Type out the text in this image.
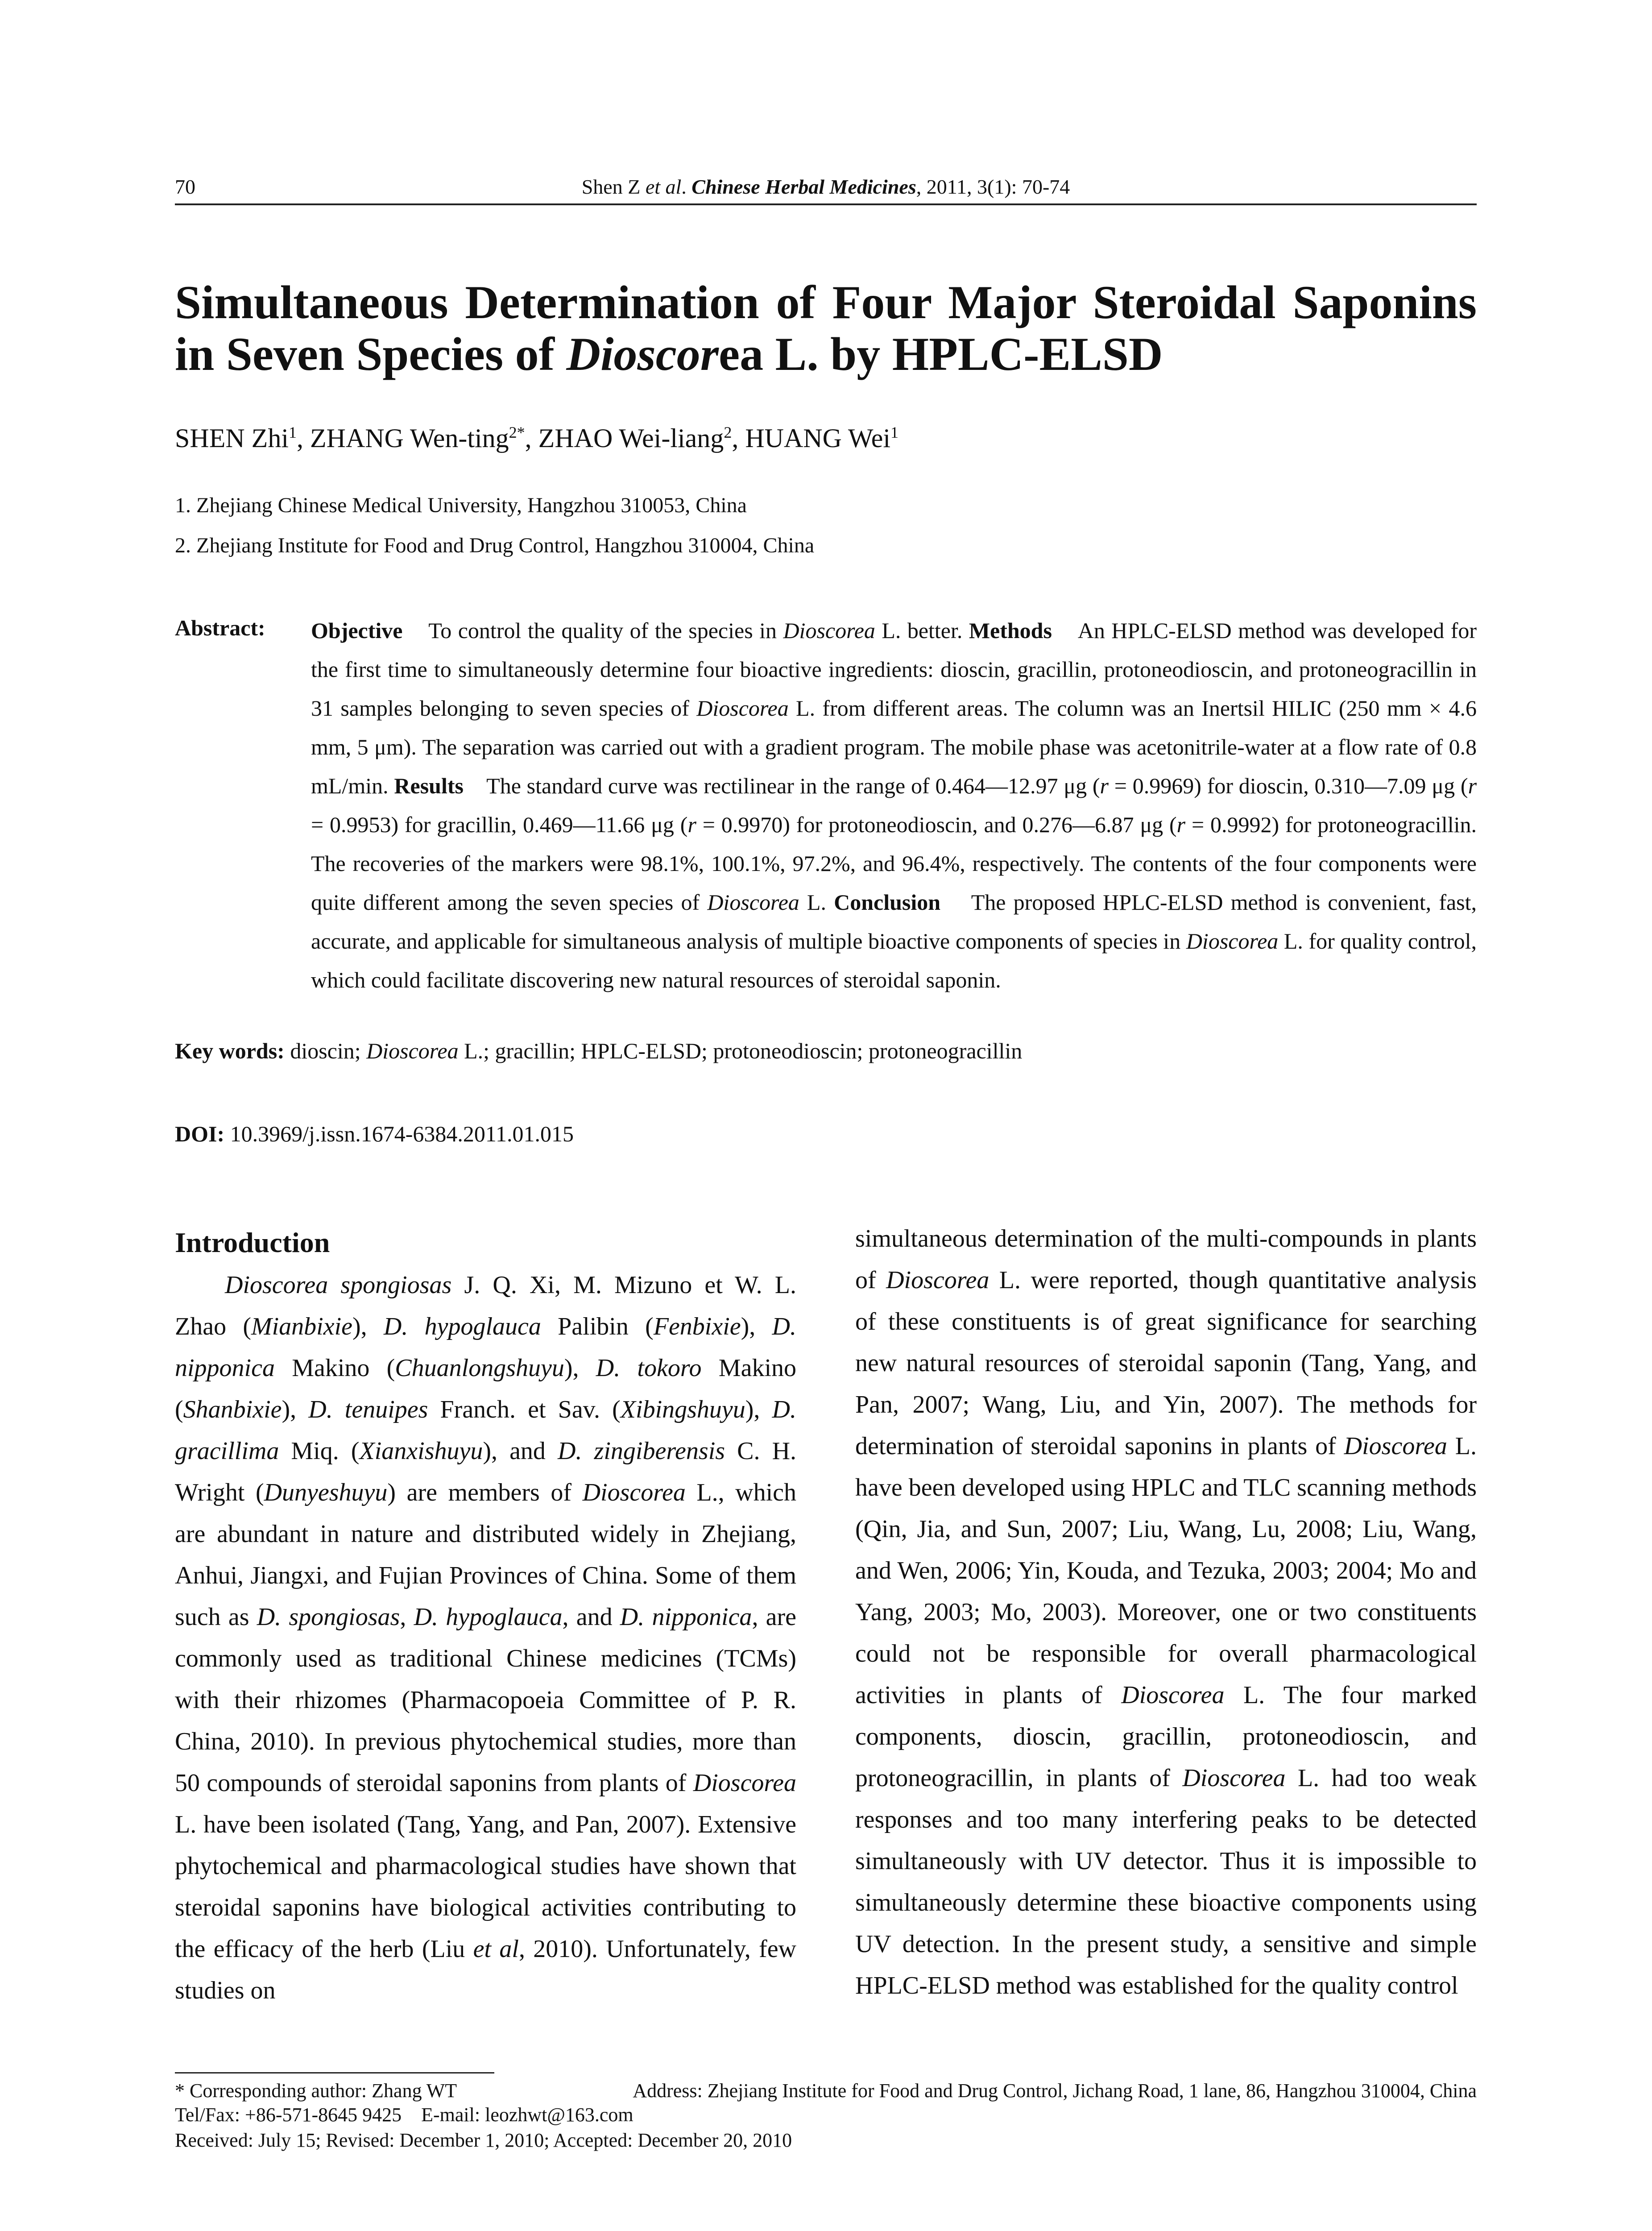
70	Shen Z et al. Chinese Herbal Medicines, 2011, 3(1): 70-74
Simultaneous Determination of Four Major Steroidal Saponins
in Seven Species of Dioscorea L. by HPLC-ELSD
SHEN Zhi$^1$, ZHANG Wen-ting$^{2*}$, ZHAO Wei-liang$^2$, HUANG Wei$^1$
1. Zhejiang Chinese Medical University, Hangzhou 310053, China
2. Zhejiang Institute for Food and Drug Control, Hangzhou 310004, China
Abstract: Objective To control the quality of the species in Dioscorea L. better. Methods An HPLC-ELSD method was developed for the first time to simultaneously determine four bioactive ingredients: dioscin, gracillin, protoneodioscin, and protoneogracillin in 31 samples belonging to seven species of Dioscorea L. from different areas. The column was an Inertsil HILIC (250 mm × 4.6 mm, 5 μm). The separation was carried out with a gradient program. The mobile phase was acetonitrile-water at a flow rate of 0.8 mL/min. Results The standard curve was rectilinear in the range of 0.464—12.97 μg (r = 0.9969) for dioscin, 0.310—7.09 μg (r = 0.9953) for gracillin, 0.469—11.66 μg (r = 0.9970) for protoneodioscin, and 0.276—6.87 μg (r = 0.9992) for protoneogracillin. The recoveries of the markers were 98.1%, 100.1%, 97.2%, and 96.4%, respectively. The contents of the four components were quite different among the seven species of Dioscorea L. Conclusion The proposed HPLC-ELSD method is convenient, fast, accurate, and applicable for simultaneous analysis of multiple bioactive components of species in Dioscorea L. for quality control, which could facilitate discovering new natural resources of steroidal saponin.
Key words: dioscin; Dioscorea L.; gracillin; HPLC-ELSD; protoneodioscin; protoneogracillin
DOI: 10.3969/j.issn.1674-6384.2011.01.015
Introduction

Dioscorea spongiosas J. Q. Xi, M. Mizuno et W. L. Zhao (Mianbixie), D. hypoglauca Palibin (Fenbixie), D. nipponica Makino (Chuanlongshuyu), D. tokoro Makino (Shanbixie), D. tenuipes Franch. et Sav. (Xibingshuyu), D. gracillima Miq. (Xianxishuyu), and D. zingiberensis C. H. Wright (Dunyeshuyu) are members of Dioscorea L., which are abundant in nature and distributed widely in Zhejiang, Anhui, Jiangxi, and Fujian Provinces of China. Some of them such as D. spongiosas, D. hypoglauca, and D. nipponica, are commonly used as traditional Chinese medicines (TCMs) with their rhizomes (Pharmacopoeia Committee of P. R. China, 2010). In previous phytochemical studies, more than 50 compounds of steroidal saponins from plants of Dioscorea L. have been isolated (Tang, Yang, and Pan, 2007). Extensive phytochemical and pharmacological studies have shown that steroidal saponins have biological activities contributing to the efficacy of the herb (Liu et al, 2010). Unfortunately, few studies on

simultaneous determination of the multi-compounds in plants of Dioscorea L. were reported, though quantitative analysis of these constituents is of great significance for searching new natural resources of steroidal saponin (Tang, Yang, and Pan, 2007; Wang, Liu, and Yin, 2007). The methods for determination of steroidal saponins in plants of Dioscorea L. have been developed using HPLC and TLC scanning methods (Qin, Jia, and Sun, 2007; Liu, Wang, Lu, 2008; Liu, Wang, and Wen, 2006; Yin, Kouda, and Tezuka, 2003; 2004; Mo and Yang, 2003; Mo, 2003). Moreover, one or two constituents could not be responsible for overall pharmacological activities in plants of Dioscorea L. The four marked components, dioscin, gracillin, protoneodioscin, and protoneogracillin, in plants of Dioscorea L. had too weak responses and too many interfering peaks to be detected simultaneously with UV detector. Thus it is impossible to simultaneously determine these bioactive components using UV detection. In the present study, a sensitive and simple HPLC-ELSD method was established for the quality control

* Corresponding author: Zhang WT	Address: Zhejiang Institute for Food and Drug Control, Jichang Road, 1 lane, 86, Hangzhou 310004, China
Tel/Fax: +86-571-8645 9425 E-mail: leozhwt@163.com
Received: July 15; Revised: December 1, 2010; Accepted: December 20, 2010
